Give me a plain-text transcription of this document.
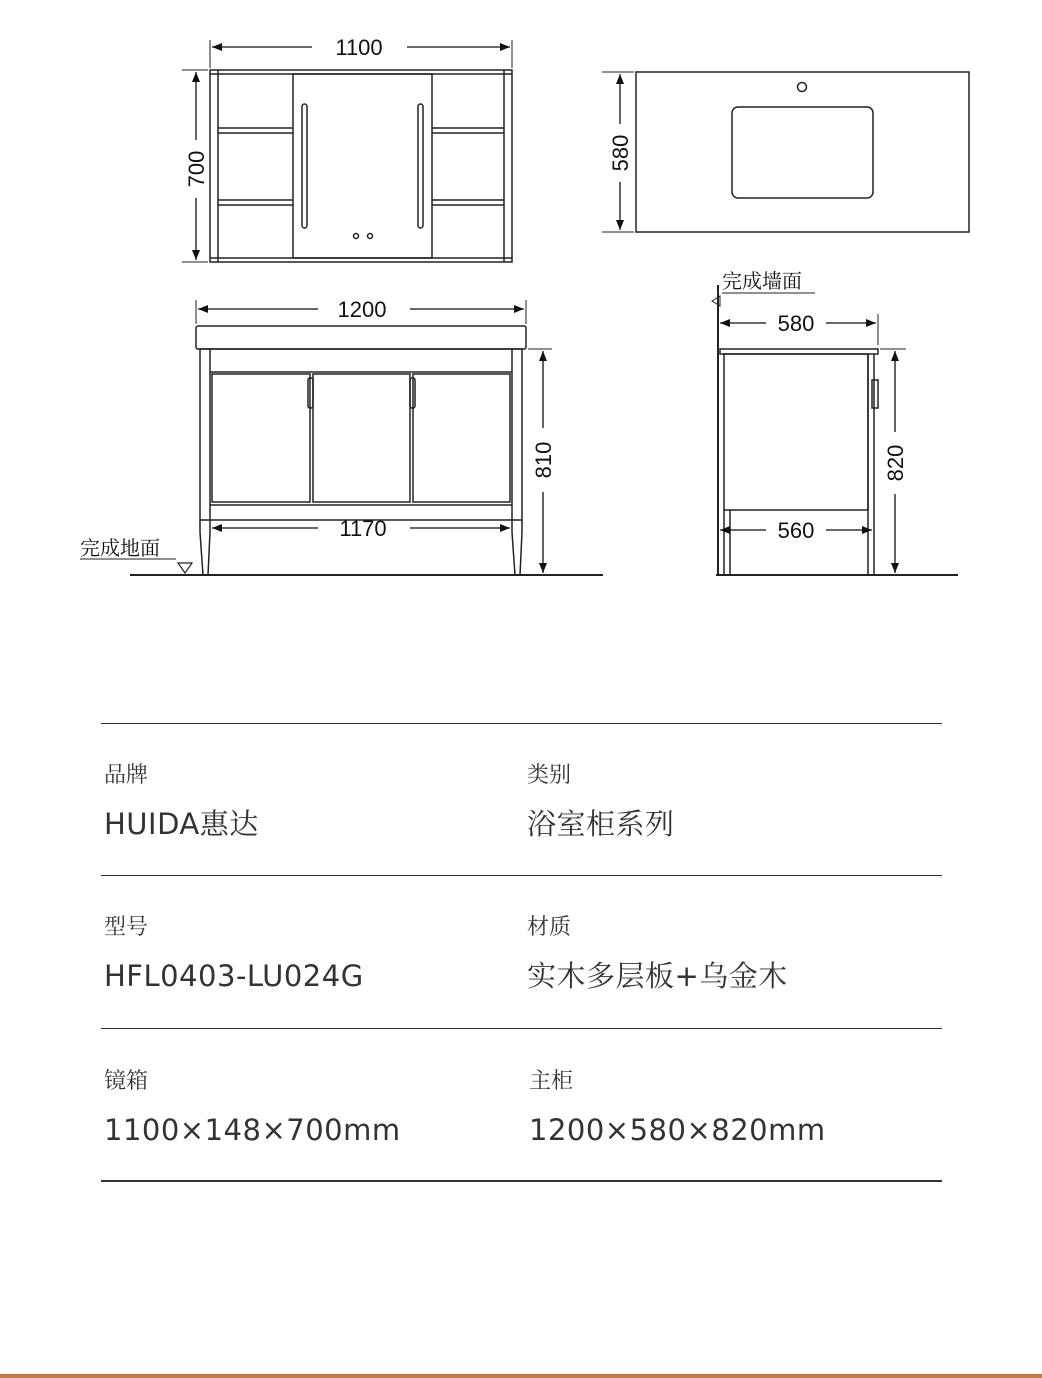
1100
700	580
1200
1170
810
580
560
820
完成地面
完成墙面
品牌
HUIDA惠达
类别
浴室柜系列
型号
HFL0403-LU024G
材质
实木多层板+乌金木
镜箱
1100×148×700mm
主柜
1200×580×820mm
